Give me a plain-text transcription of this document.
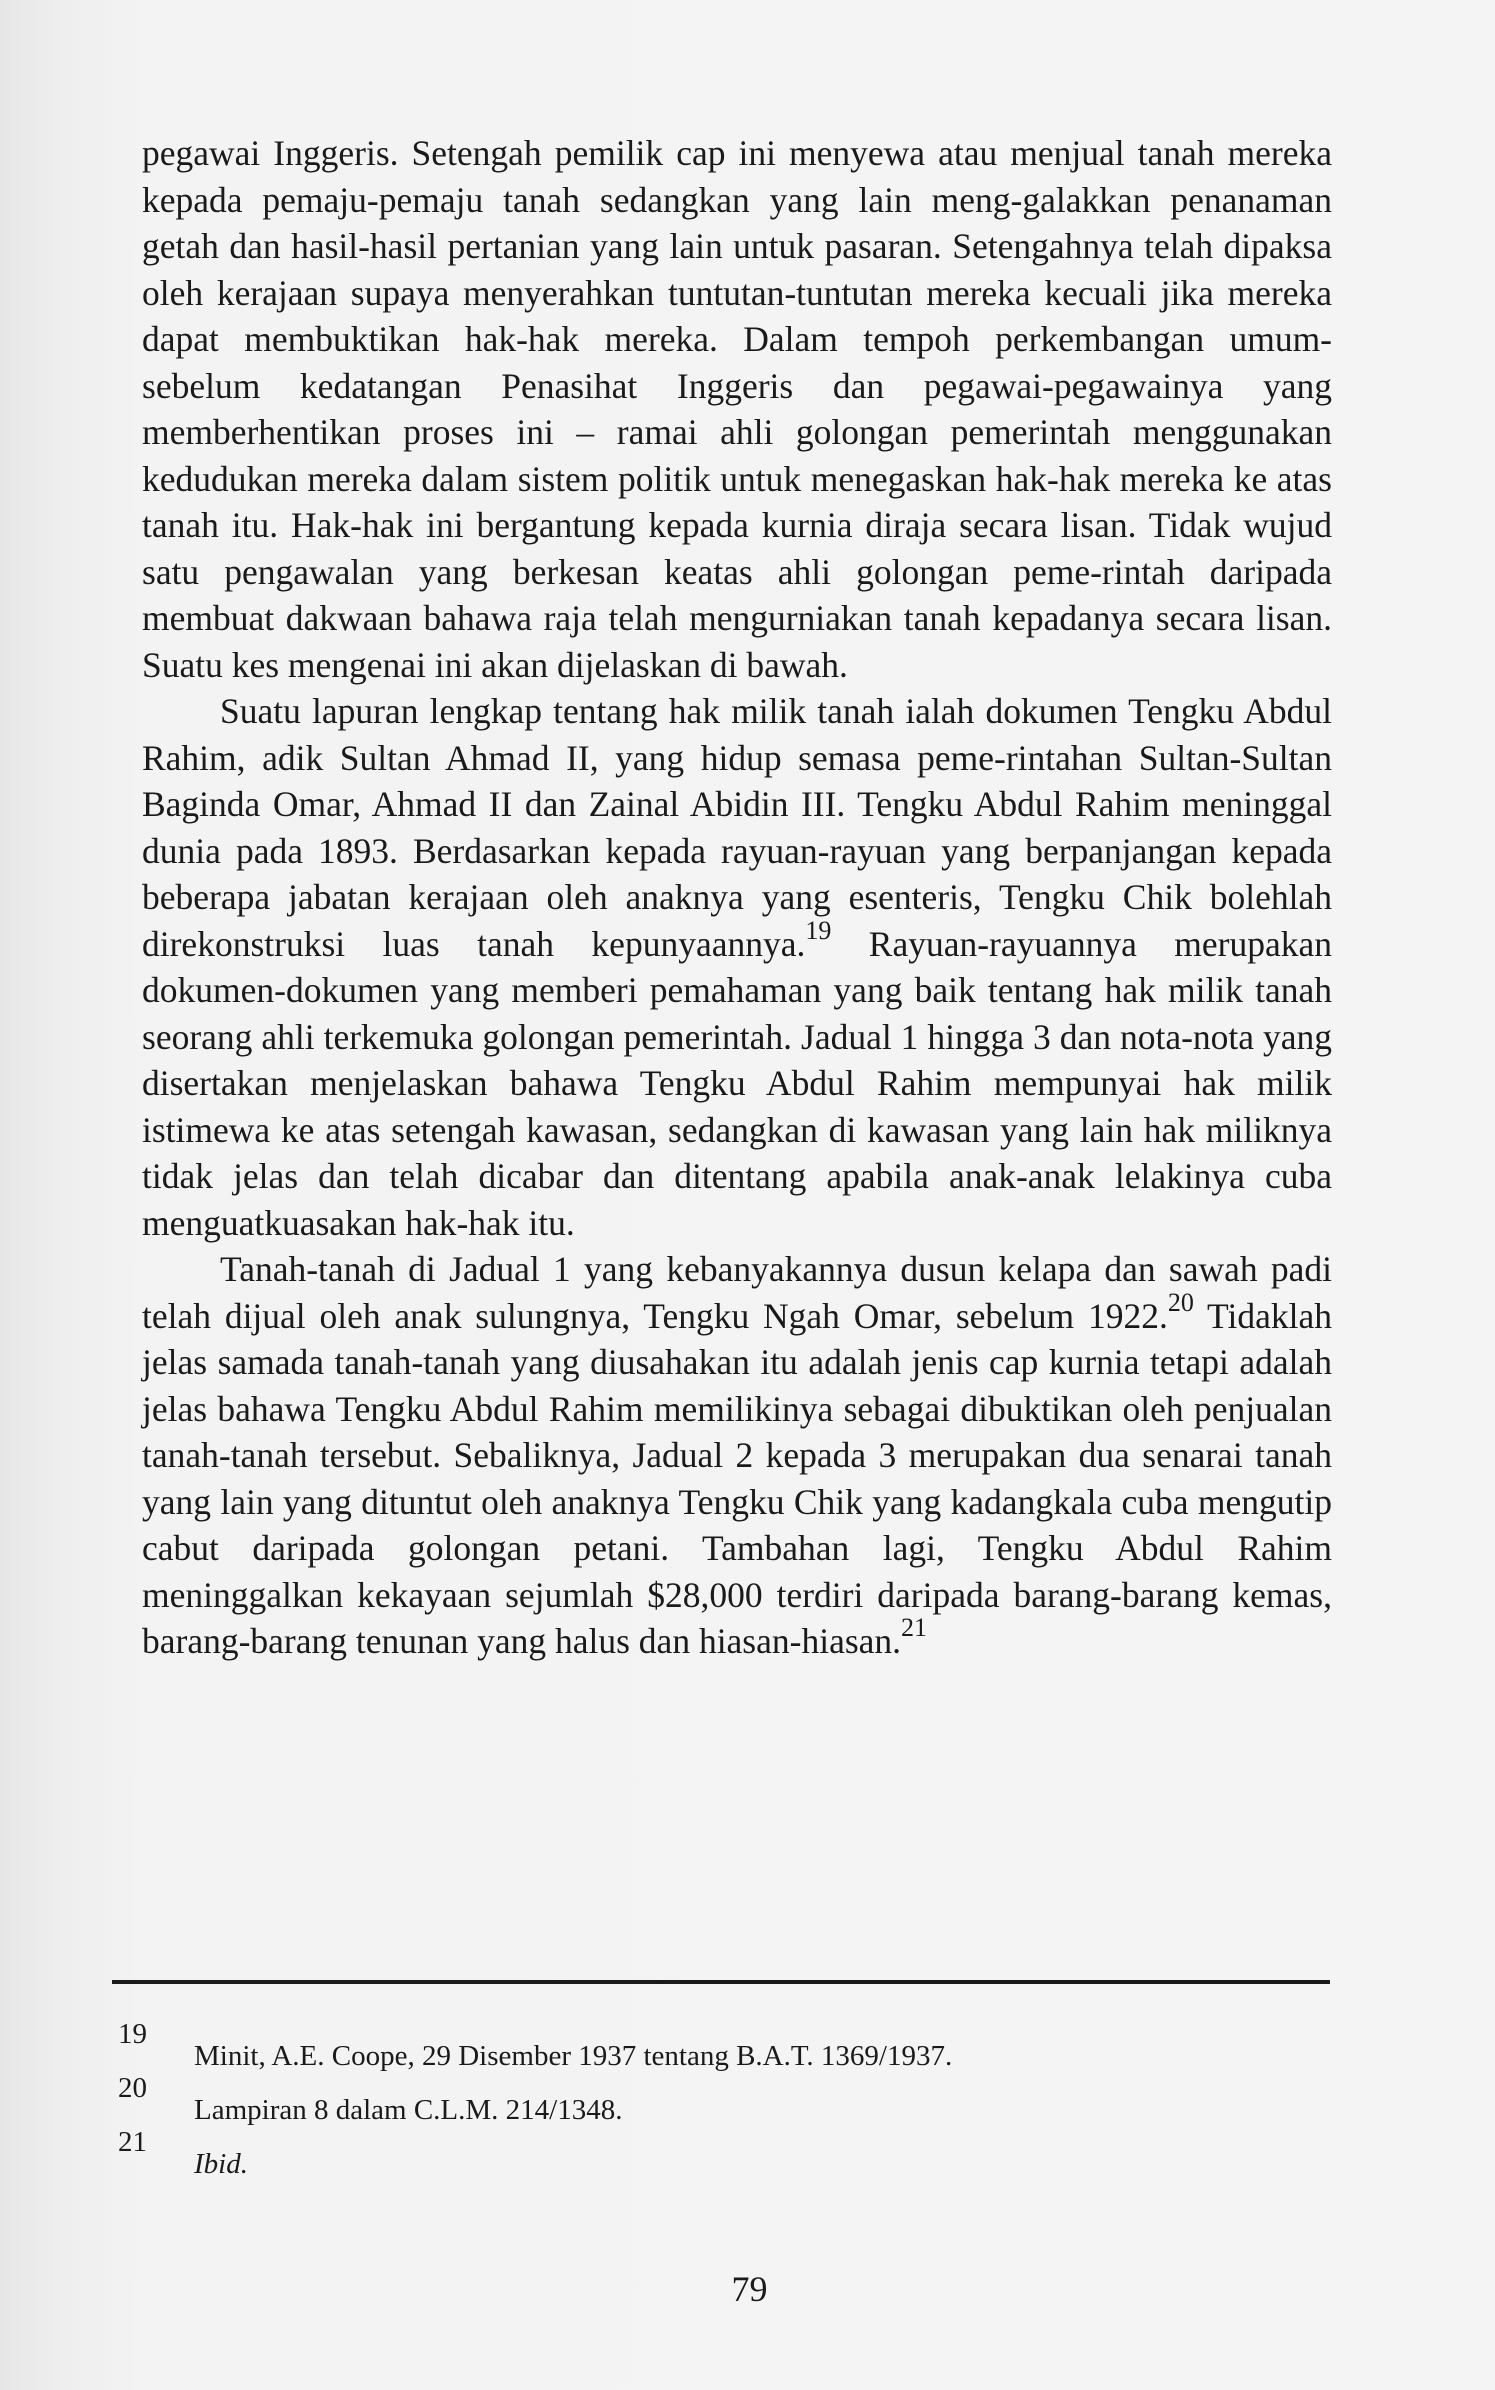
pegawai Inggeris. Setengah pemilik cap ini menyewa atau menjual tanah mereka kepada pemaju-pemaju tanah sedangkan yang lain meng-galakkan penanaman getah dan hasil-hasil pertanian yang lain untuk pasaran. Setengahnya telah dipaksa oleh kerajaan supaya menyerahkan tuntutan-tuntutan mereka kecuali jika mereka dapat membuktikan hak-hak mereka. Dalam tempoh perkembangan umum-sebelum kedatangan Penasihat Inggeris dan pegawai-pegawainya yang memberhentikan proses ini – ramai ahli golongan pemerintah menggunakan kedudukan mereka dalam sistem politik untuk menegaskan hak-hak mereka ke atas tanah itu. Hak-hak ini bergantung kepada kurnia diraja secara lisan. Tidak wujud satu pengawalan yang berkesan keatas ahli golongan peme-rintah daripada membuat dakwaan bahawa raja telah mengurniakan tanah kepadanya secara lisan. Suatu kes mengenai ini akan dijelaskan di bawah.

Suatu lapuran lengkap tentang hak milik tanah ialah dokumen Tengku Abdul Rahim, adik Sultan Ahmad II, yang hidup semasa peme-rintahan Sultan-Sultan Baginda Omar, Ahmad II dan Zainal Abidin III. Tengku Abdul Rahim meninggal dunia pada 1893. Berdasarkan kepada rayuan-rayuan yang berpanjangan kepada beberapa jabatan kerajaan oleh anaknya yang esenteris, Tengku Chik bolehlah direkonstruksi luas tanah kepunyaannya.$^{19}$ Rayuan-rayuannya merupakan dokumen-dokumen yang memberi pemahaman yang baik tentang hak milik tanah seorang ahli terkemuka golongan pemerintah. Jadual 1 hingga 3 dan nota-nota yang disertakan menjelaskan bahawa Tengku Abdul Rahim mempunyai hak milik istimewa ke atas setengah kawasan, sedangkan di kawasan yang lain hak miliknya tidak jelas dan telah dicabar dan ditentang apabila anak-anak lelakinya cuba menguatkuasakan hak-hak itu.

Tanah-tanah di Jadual 1 yang kebanyakannya dusun kelapa dan sawah padi telah dijual oleh anak sulungnya, Tengku Ngah Omar, sebelum 1922.20 Tidaklah jelas samada tanah-tanah yang diusahakan itu adalah jenis cap kurnia tetapi adalah jelas bahawa Tengku Abdul Rahim memilikinya sebagai dibuktikan oleh penjualan tanah-tanah tersebut. Sebaliknya, Jadual 2 kepada 3 merupakan dua senarai tanah yang lain yang dituntut oleh anaknya Tengku Chik yang kadangkala cuba mengutip cabut daripada golongan petani. Tambahan lagi, Tengku Abdul Rahim meninggalkan kekayaan sejumlah $28,000 terdiri daripada barang-barang kemas, barang-barang tenunan yang halus dan hiasan-hiasan.$^{21}$

19
Minit, A.E. Coope, 29 Disember 1937 tentang B.A.T. 1369/1937.
20
Lampiran 8 dalam C.L.M. 214/1348.
21
Ibid.
79
